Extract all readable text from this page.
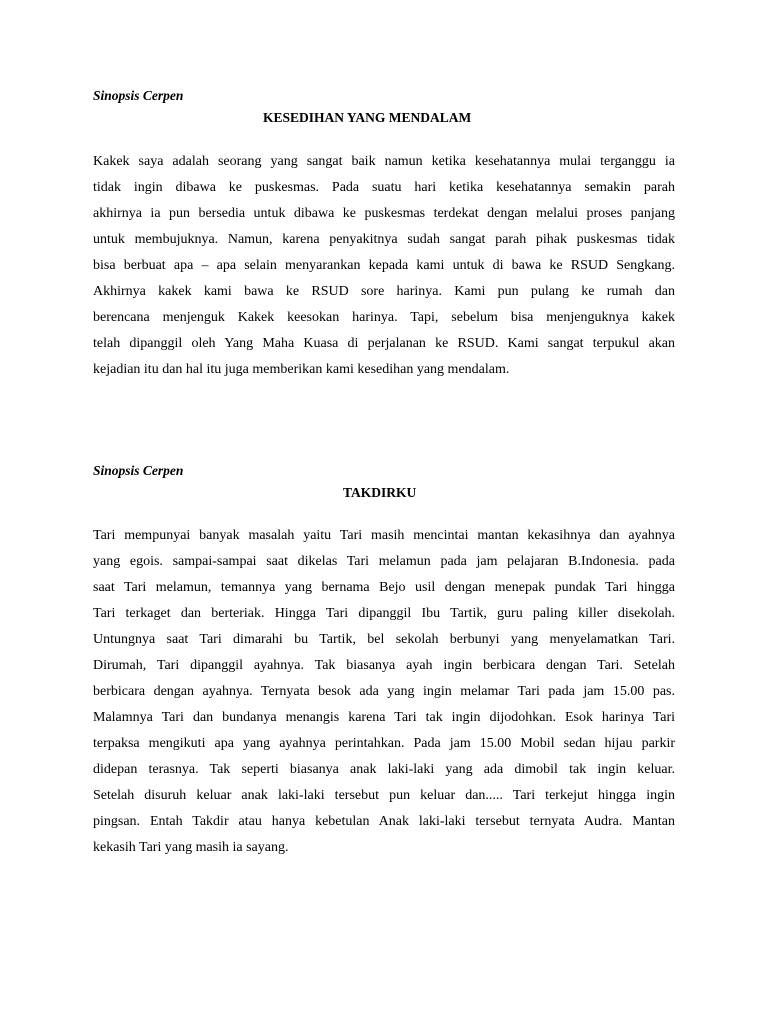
Sinopsis Cerpen

KESEDIHAN YANG MENDALAM

Kakek saya adalah seorang yang sangat baik namun ketika kesehatannya mulai terganggu ia
tidak ingin dibawa ke puskesmas. Pada suatu hari ketika kesehatannya semakin parah
akhirnya ia pun bersedia untuk dibawa ke puskesmas terdekat dengan melalui proses panjang
untuk membujuknya. Namun, karena penyakitnya sudah sangat parah pihak puskesmas tidak
bisa berbuat apa – apa selain menyarankan kepada kami untuk di bawa ke RSUD Sengkang.
Akhirnya kakek kami bawa ke RSUD sore harinya. Kami pun pulang ke rumah dan
berencana menjenguk Kakek keesokan harinya. Tapi, sebelum bisa menjenguknya kakek
telah dipanggil oleh Yang Maha Kuasa di perjalanan ke RSUD. Kami sangat terpukul akan
kejadian itu dan hal itu juga memberikan kami kesedihan yang mendalam.

Sinopsis Cerpen

TAKDIRKU

Tari mempunyai banyak masalah yaitu Tari masih mencintai mantan kekasihnya dan ayahnya
yang egois. sampai-sampai saat dikelas Tari melamun pada jam pelajaran B.Indonesia. pada
saat Tari melamun, temannya yang bernama Bejo usil dengan menepak pundak Tari hingga
Tari terkaget dan berteriak. Hingga Tari dipanggil Ibu Tartik, guru paling killer disekolah.
Untungnya saat Tari dimarahi bu Tartik, bel sekolah berbunyi yang menyelamatkan Tari.
Dirumah, Tari dipanggil ayahnya. Tak biasanya ayah ingin berbicara dengan Tari. Setelah
berbicara dengan ayahnya. Ternyata besok ada yang ingin melamar Tari pada jam 15.00 pas.
Malamnya Tari dan bundanya menangis karena Tari tak ingin dijodohkan. Esok harinya Tari
terpaksa mengikuti apa yang ayahnya perintahkan. Pada jam 15.00 Mobil sedan hijau parkir
didepan terasnya. Tak seperti biasanya anak laki-laki yang ada dimobil tak ingin keluar.
Setelah disuruh keluar anak laki-laki tersebut pun keluar dan..... Tari terkejut hingga ingin
pingsan. Entah Takdir atau hanya kebetulan Anak laki-laki tersebut ternyata Audra. Mantan
kekasih Tari yang masih ia sayang.
